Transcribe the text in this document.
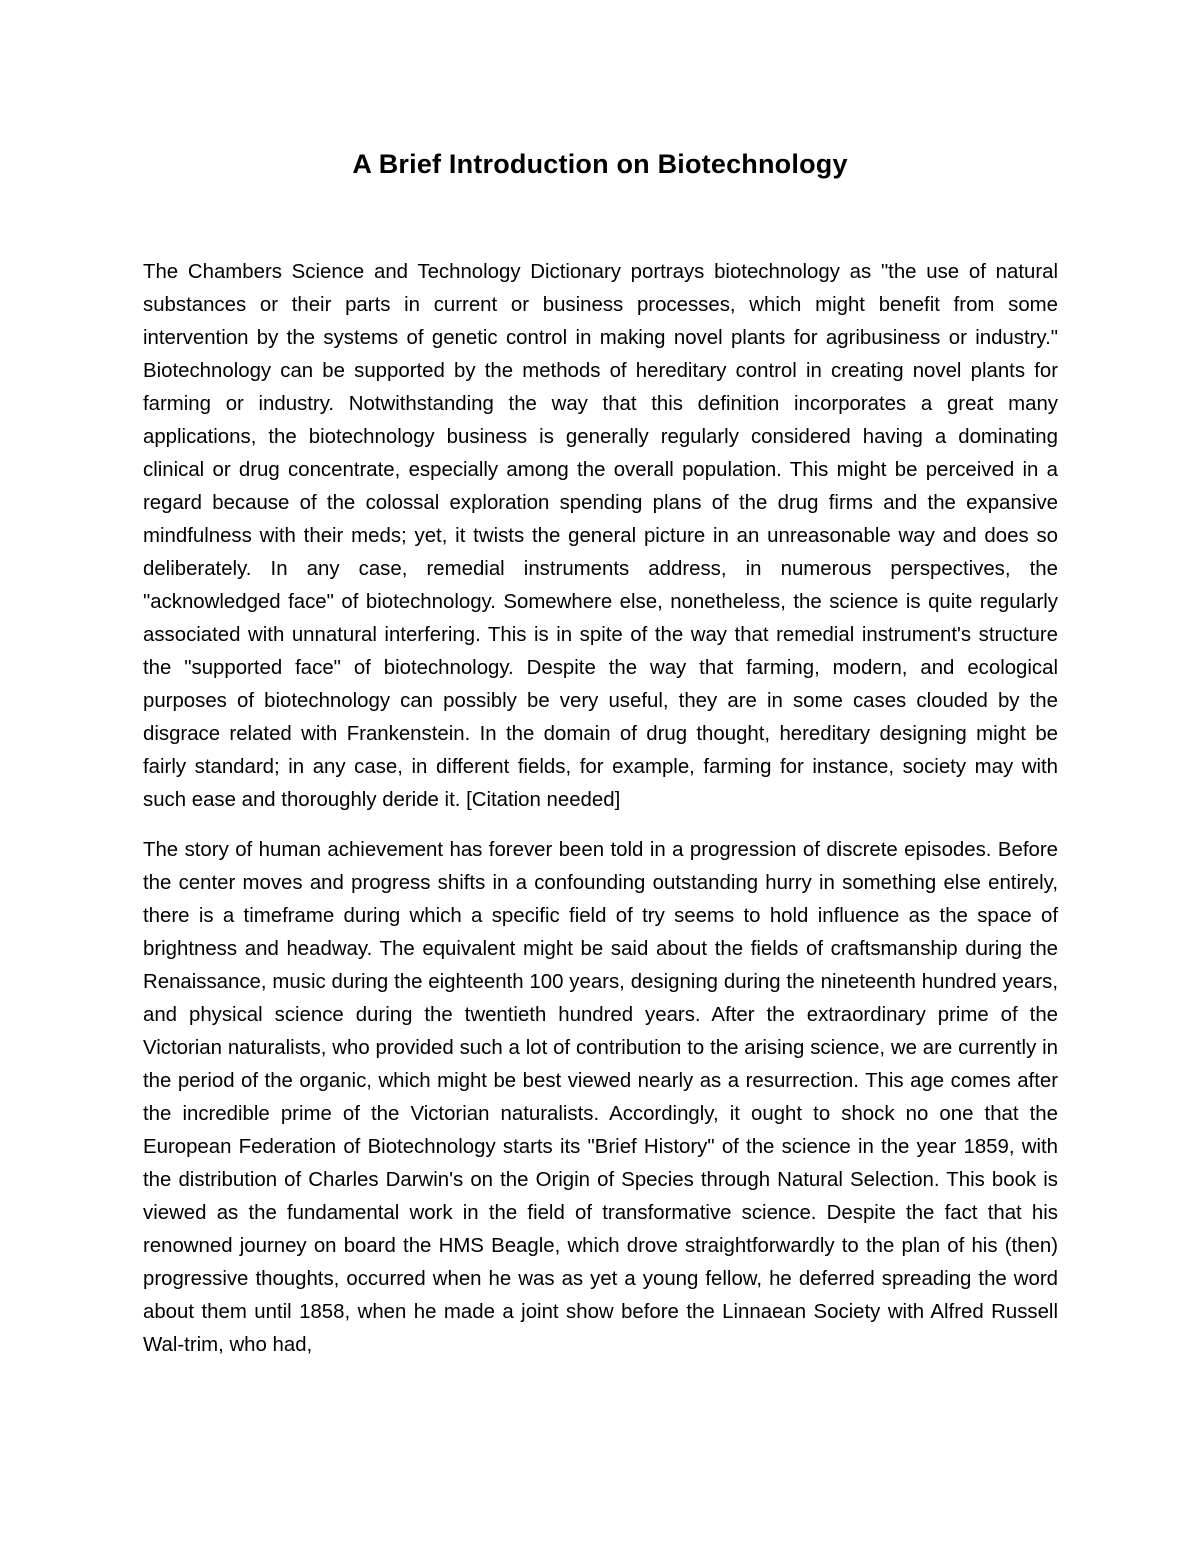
A Brief Introduction on Biotechnology

The Chambers Science and Technology Dictionary portrays biotechnology as "the use of natural substances or their parts in current or business processes, which might benefit from some intervention by the systems of genetic control in making novel plants for agribusiness or industry." Biotechnology can be supported by the methods of hereditary control in creating novel plants for farming or industry. Notwithstanding the way that this definition incorporates a great many applications, the biotechnology business is generally regularly considered having a dominating clinical or drug concentrate, especially among the overall population. This might be perceived in a regard because of the colossal exploration spending plans of the drug firms and the expansive mindfulness with their meds; yet, it twists the general picture in an unreasonable way and does so deliberately. In any case, remedial instruments address, in numerous perspectives, the "acknowledged face" of biotechnology. Somewhere else, nonetheless, the science is quite regularly associated with unnatural interfering. This is in spite of the way that remedial instrument's structure the "supported face" of biotechnology. Despite the way that farming, modern, and ecological purposes of biotechnology can possibly be very useful, they are in some cases clouded by the disgrace related with Frankenstein. In the domain of drug thought, hereditary designing might be fairly standard; in any case, in different fields, for example, farming for instance, society may with such ease and thoroughly deride it. [Citation needed]

The story of human achievement has forever been told in a progression of discrete episodes. Before the center moves and progress shifts in a confounding outstanding hurry in something else entirely, there is a timeframe during which a specific field of try seems to hold influence as the space of brightness and headway. The equivalent might be said about the fields of craftsmanship during the Renaissance, music during the eighteenth 100 years, designing during the nineteenth hundred years, and physical science during the twentieth hundred years. After the extraordinary prime of the Victorian naturalists, who provided such a lot of contribution to the arising science, we are currently in the period of the organic, which might be best viewed nearly as a resurrection. This age comes after the incredible prime of the Victorian naturalists. Accordingly, it ought to shock no one that the European Federation of Biotechnology starts its "Brief History" of the science in the year 1859, with the distribution of Charles Darwin's on the Origin of Species through Natural Selection. This book is viewed as the fundamental work in the field of transformative science. Despite the fact that his renowned journey on board the HMS Beagle, which drove straightforwardly to the plan of his (then) progressive thoughts, occurred when he was as yet a young fellow, he deferred spreading the word about them until 1858, when he made a joint show before the Linnaean Society with Alfred Russell Wal-trim, who had,
